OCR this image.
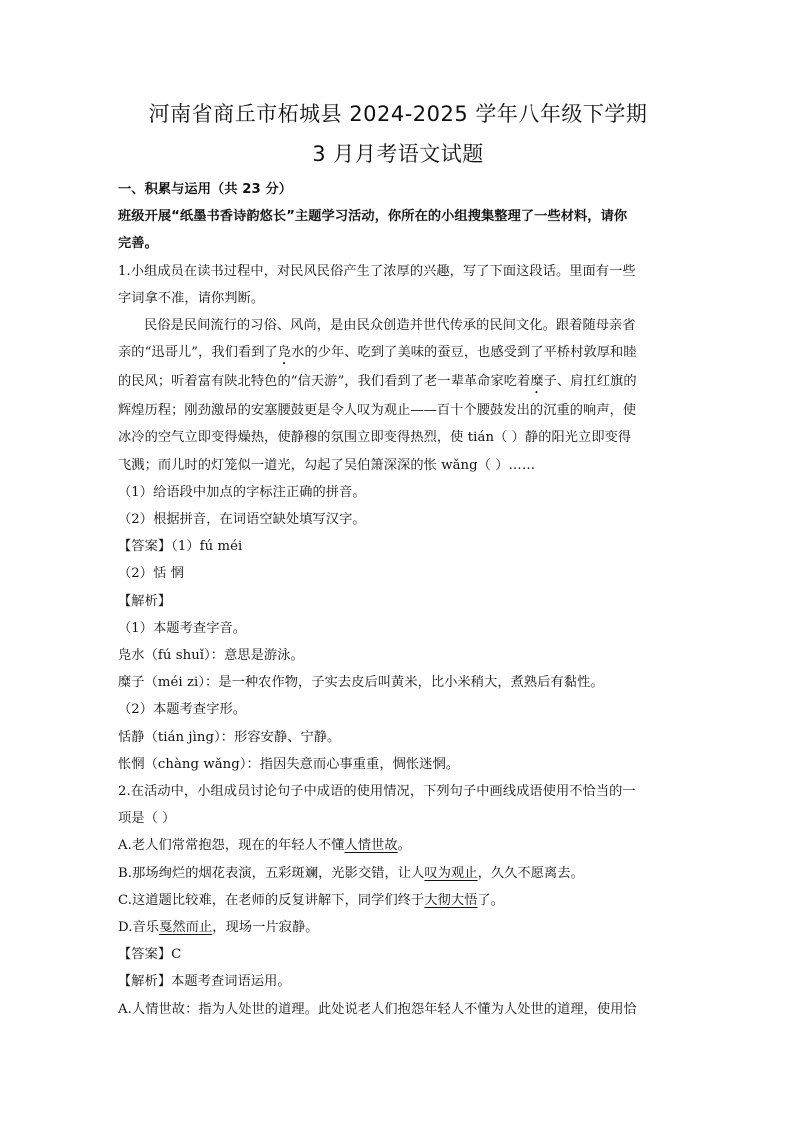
河南省商丘市柘城县 2024-2025 学年八年级下学期

3 月月考语文试题

一、积累与运用（共 23 分）

班级开展“纸墨书香诗韵悠长”主题学习活动，你所在的小组搜集整理了一些材料，请你

完善。

1.小组成员在读书过程中，对民风民俗产生了浓厚的兴趣，写了下面这段话。里面有一些

字词拿不准，请你判断。

民俗是民间流行的习俗、风尚，是由民众创造并世代传承的民间文化。跟着随母亲省

亲的“迅哥儿”，我们看到了凫水的少年、吃到了美味的蚕豆，也感受到了平桥村敦厚和睦

的民风；听着富有陕北特色的“信天游”，我们看到了老一辈革命家吃着糜子、肩扛红旗的

辉煌历程；刚劲激昂的安塞腰鼓更是令人叹为观止——百十个腰鼓发出的沉重的响声，使

冰冷的空气立即变得燥热，使静穆的氛围立即变得热烈，使 tián（ ）静的阳光立即变得

飞溅；而儿时的灯笼似一道光，勾起了吴伯箫深深的怅 wǎng（ ）……

（1）给语段中加点的字标注正确的拼音。

（2）根据拼音，在词语空缺处填写汉字。

【答案】（1）fú méi

（2）恬 惘

【解析】

（1）本题考查字音。

凫水（fú shuǐ）：意思是游泳。

糜子（méi zi）：是一种农作物，子实去皮后叫黄米，比小米稍大，煮熟后有黏性。

（2）本题考查字形。

恬静（tián jìng）：形容安静、宁静。

怅惘（chàng wǎng）：指因失意而心事重重，惆怅迷惘。

2.在活动中，小组成员讨论句子中成语的使用情况，下列句子中画线成语使用不恰当的一

项是（ ）

A.老人们常常抱怨，现在的年轻人不懂人情世故。

B.那场绚烂的烟花表演，五彩斑斓，光影交错，让人叹为观止，久久不愿离去。

C.这道题比较难，在老师的反复讲解下，同学们终于大彻大悟了。

D.音乐戛然而止，现场一片寂静。

【答案】C

【解析】本题考查词语运用。

A.人情世故：指为人处世的道理。此处说老人们抱怨年轻人不懂为人处世的道理，使用恰
